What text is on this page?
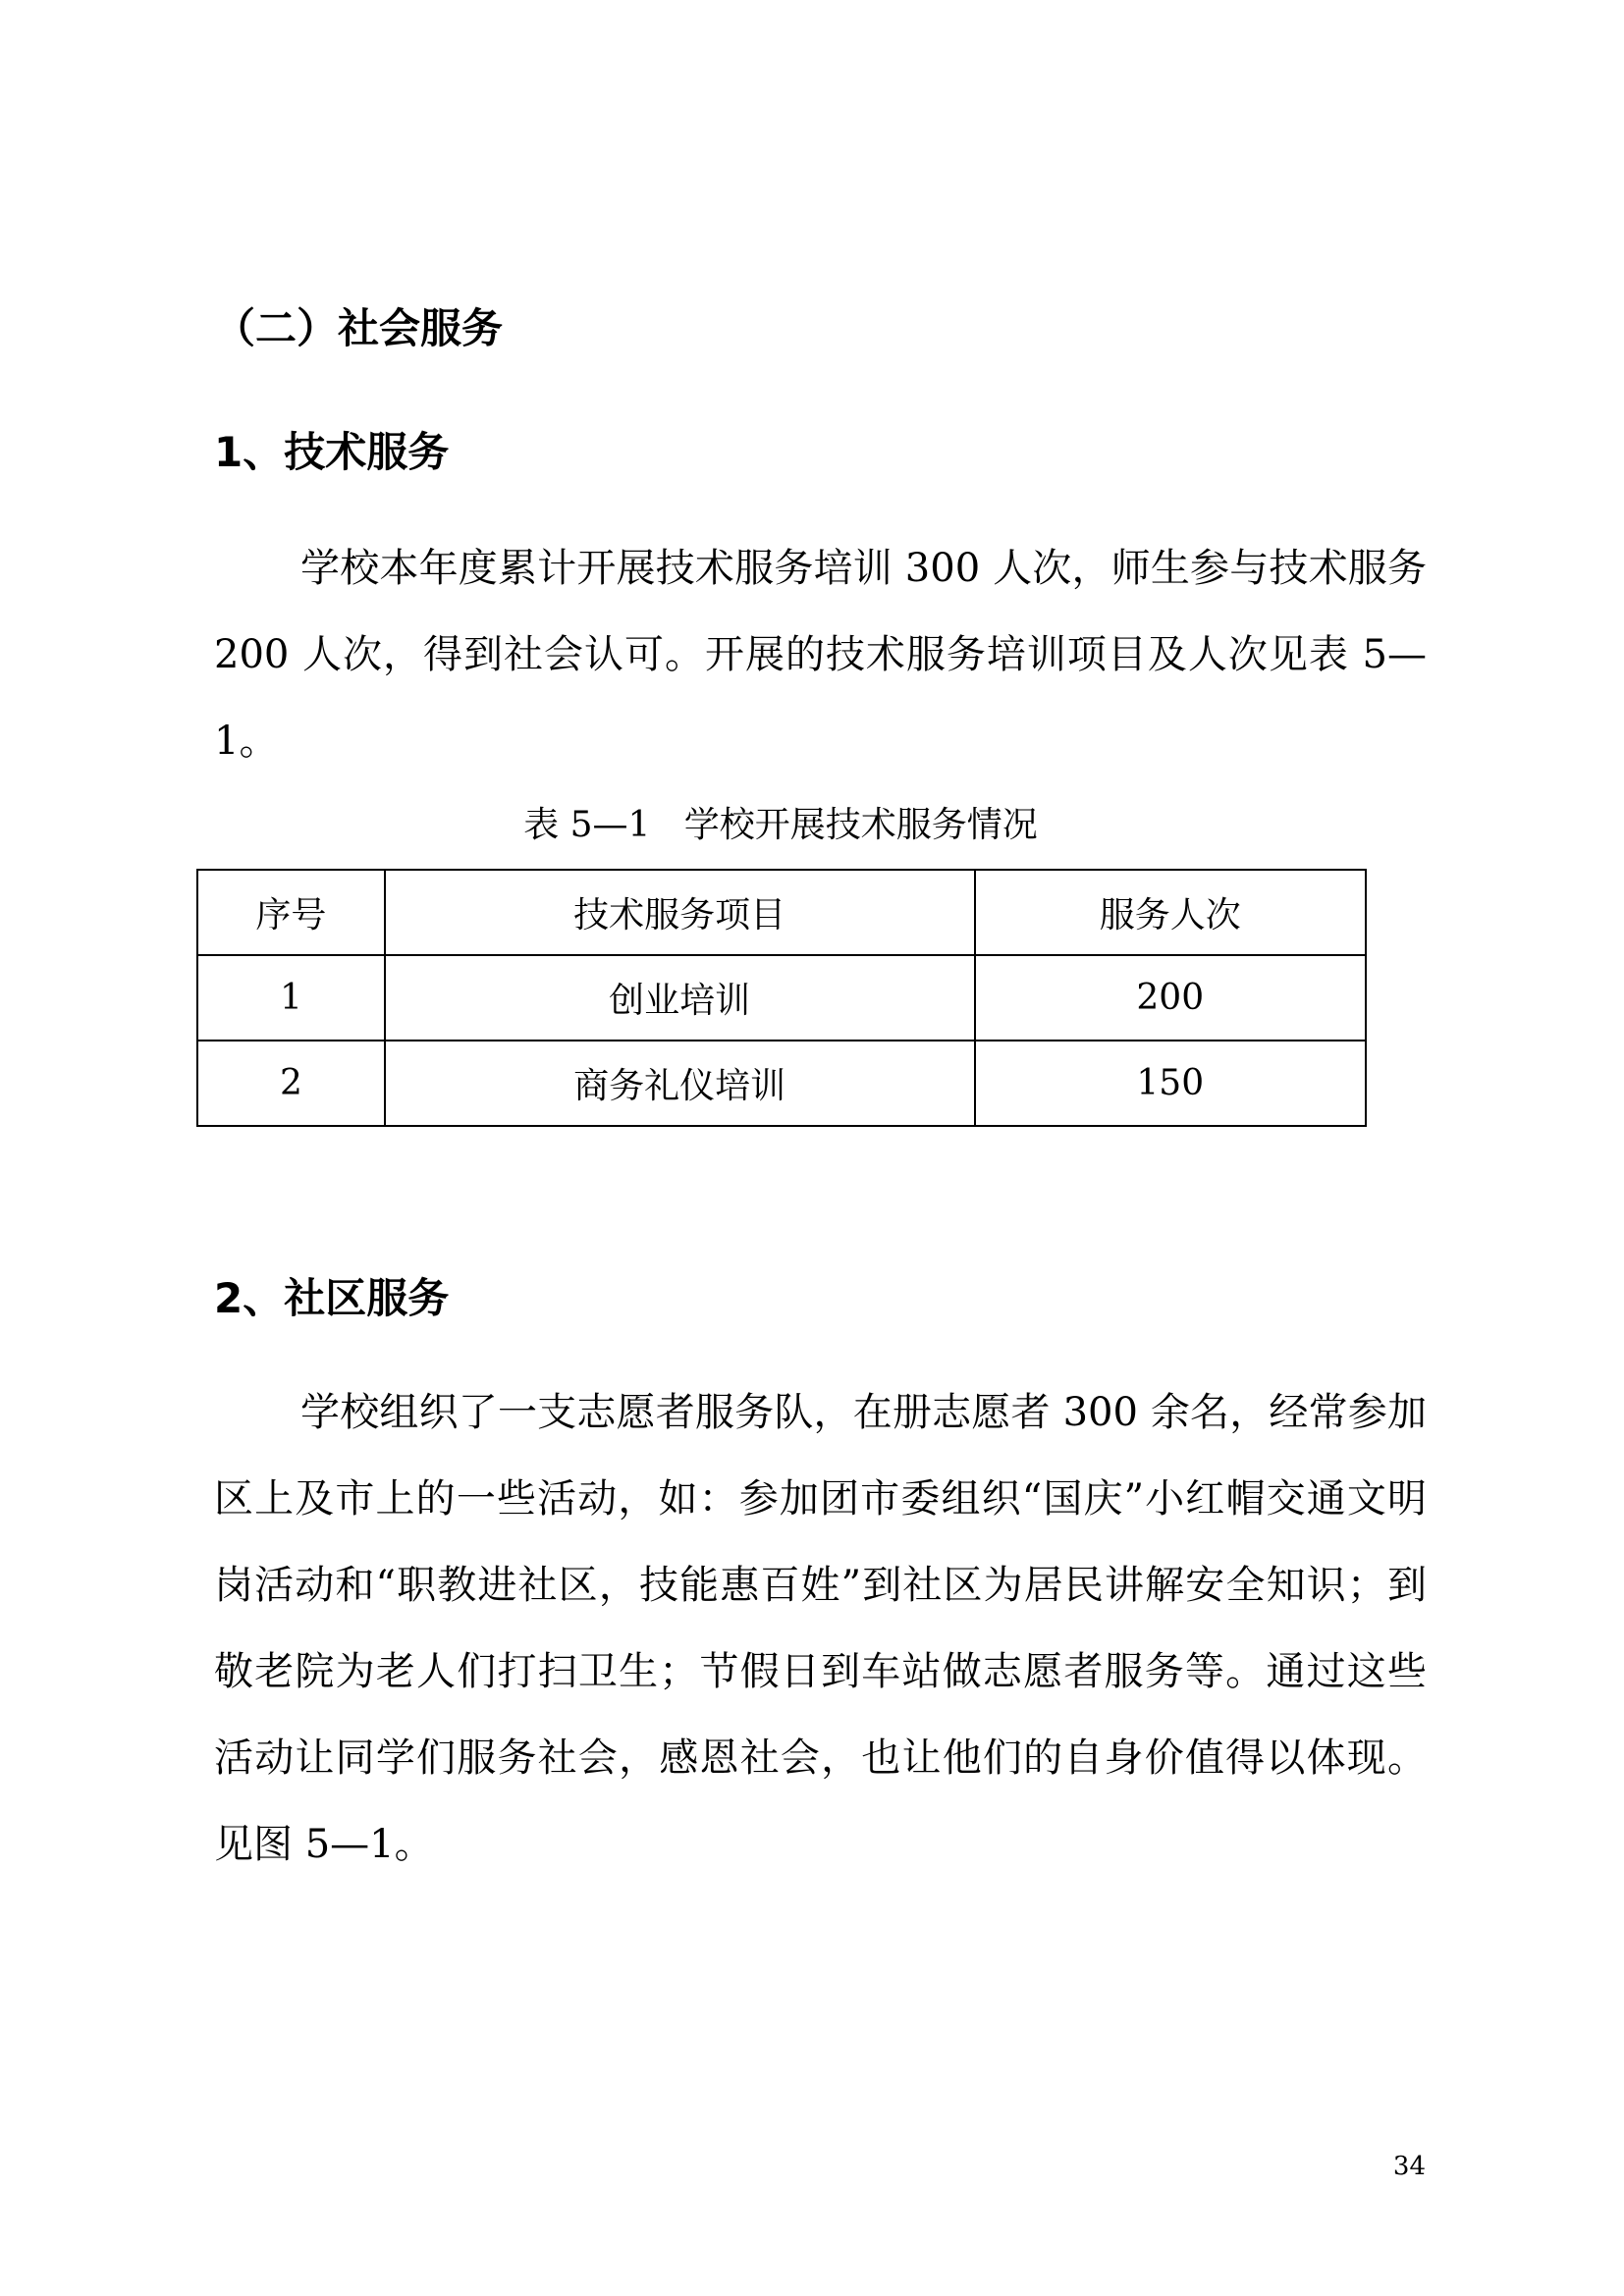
（二）社会服务
1、技术服务

学校本年度累计开展技术服务培训 300 人次，师生参与技术服务 200 人次，得到社会认可。开展的技术服务培训项目及人次见表 5—1。

表 5—1   学校开展技术服务情况

序号	技术服务项目	服务人次
1	创业培训	200
2	商务礼仪培训	150
2、社区服务

学校组织了一支志愿者服务队，在册志愿者 300 余名，经常参加区上及市上的一些活动，如：参加团市委组织“国庆”小红帽交通文明岗活动和“职教进社区，技能惠百姓”到社区为居民讲解安全知识；到敬老院为老人们打扫卫生；节假日到车站做志愿者服务等。通过这些活动让同学们服务社会，感恩社会，也让他们的自身价值得以体现。见图 5—1。

34
